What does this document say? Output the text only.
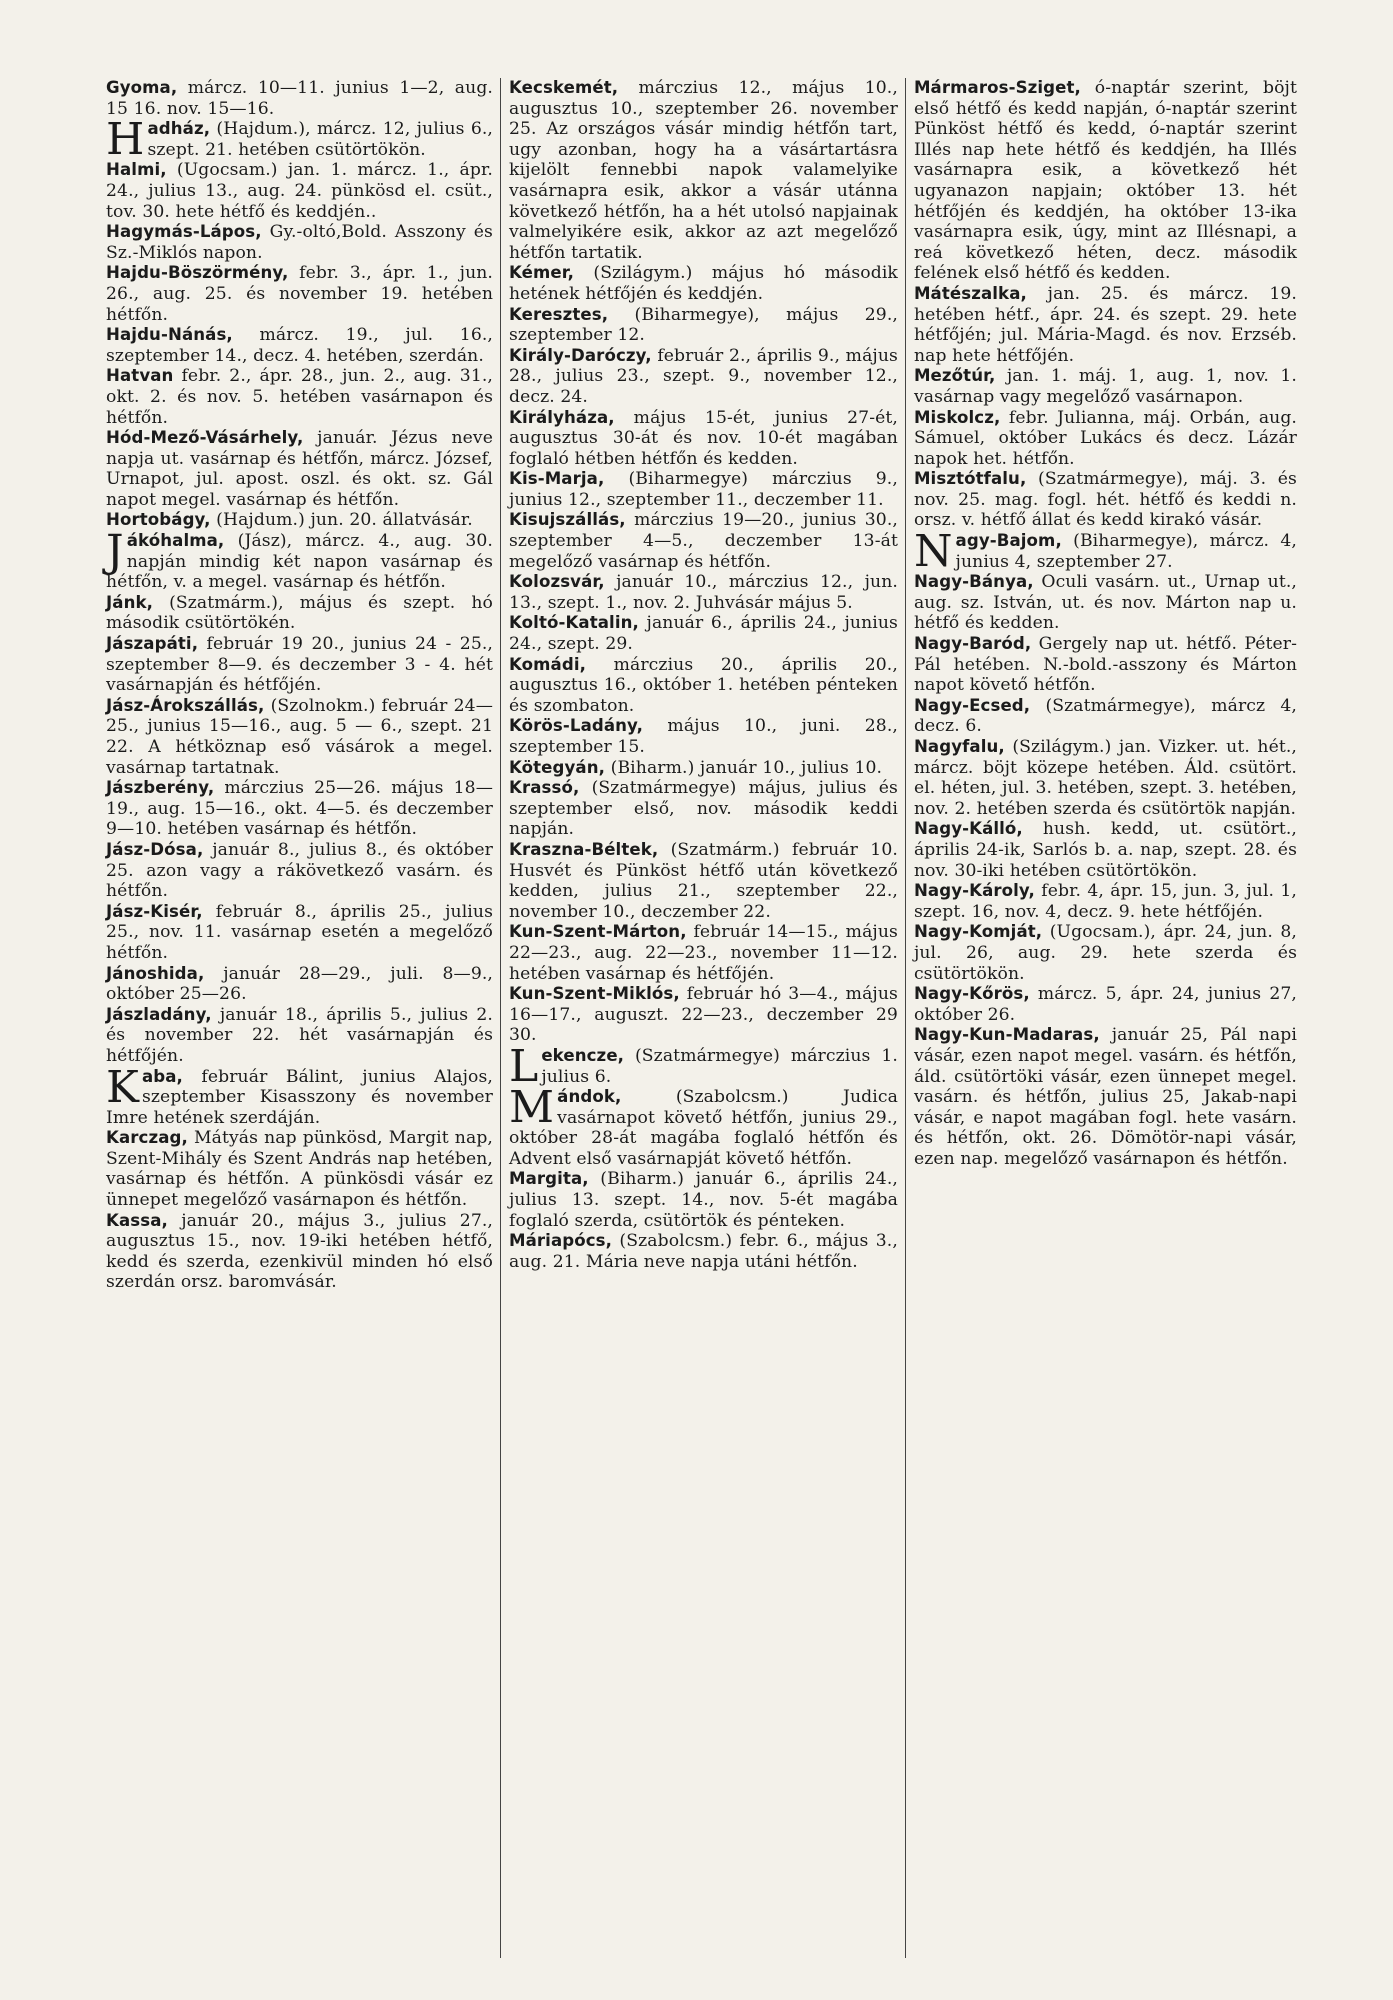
Gyoma, márcz. 10—11. junius 1—2, aug. 15 16. nov. 15—16.

Hadház, (Hajdum.), márcz. 12, julius 6., szept. 21. hetében csütörtökön.

Halmi, (Ugocsam.) jan. 1. márcz. 1., ápr. 24., julius 13., aug. 24. pünkösd el. csüt., tov. 30. hete hétfő és keddjén..

Hagymás-Lápos, Gy.-oltó,Bold. Asszony és Sz.-Miklós napon.

Hajdu-Böszörmény, febr. 3., ápr. 1., jun. 26., aug. 25. és november 19. hetében hétfőn.

Hajdu-Nánás, márcz. 19., jul. 16., szeptember 14., decz. 4. hetében, szerdán.

Hatvan febr. 2., ápr. 28., jun. 2., aug. 31., okt. 2. és nov. 5. hetében vasárnapon és hétfőn.

Hód-Mező-Vásárhely, január. Jézus neve napja ut. vasárnap és hétfőn, márcz. József, Urnapot, jul. apost. oszl. és okt. sz. Gál napot megel. vasárnap és hétfőn.

Hortobágy, (Hajdum.) jun. 20. állatvásár.

Jákóhalma, (Jász), márcz. 4., aug. 30. napján mindig két napon vasárnap és hétfőn, v. a megel. vasárnap és hétfőn.

Jánk, (Szatmárm.), május és szept. hó második csütörtökén.

Jászapáti, február 19 20., junius 24 - 25., szeptember 8—9. és deczember 3 - 4. hét vasárnapján és hétfőjén.

Jász-Árokszállás, (Szolnokm.) február 24—25., junius 15—16., aug. 5 — 6., szept. 21 22. A hétköznap eső vásárok a megel. vasárnap tartatnak.

Jászberény, márczius 25—26. május 18—19., aug. 15—16., okt. 4—5. és deczember 9—10. hetében vasárnap és hétfőn.

Jász-Dósa, január 8., julius 8., és október 25. azon vagy a rákövetkező vasárn. és hétfőn.

Jász-Kisér, február 8., április 25., julius 25., nov. 11. vasárnap esetén a megelőző hétfőn.

Jánoshida, január 28—29., juli. 8—9., október 25—26.

Jászladány, január 18., április 5., julius 2. és november 22. hét vasárnapján és hétfőjén.

Kaba, február Bálint, junius Alajos, szeptember Kisasszony és november Imre hetének szerdáján.

Karczag, Mátyás nap pünkösd, Margit nap, Szent-Mihály és Szent András nap hetében, vasárnap és hétfőn. A pünkösdi vásár ez ünnepet megelőző vasárnapon és hétfőn.

Kassa, január 20., május 3., julius 27., augusztus 15., nov. 19-iki hetében hétfő, kedd és szerda, ezenkivül minden hó első szerdán orsz. baromvásár.

Kecskemét, márczius 12., május 10., augusztus 10., szeptember 26. november 25. Az országos vásár mindig hétfőn tart, ugy azonban, hogy ha a vásártartásra kijelölt fennebbi napok valamelyike vasárnapra esik, akkor a vásár utánna következő hétfőn, ha a hét utolsó napjainak valmelyikére esik, akkor az azt megelőző hétfőn tartatik.

Kémer, (Szilágym.) május hó második hetének hétfőjén és keddjén.

Keresztes, (Biharmegye), május 29., szeptember 12.

Király-Daróczy, február 2., április 9., május 28., julius 23., szept. 9., november 12., decz. 24.

Királyháza, május 15-ét, junius 27-ét, augusztus 30-át és nov. 10-ét magában foglaló hétben hétfőn és kedden.

Kis-Marja, (Biharmegye) márczius 9., junius 12., szeptember 11., deczember 11.

Kisujszállás, márczius 19—20., junius 30., szeptember 4—5., deczember 13-át megelőző vasárnap és hétfőn.

Kolozsvár, január 10., márczius 12., jun. 13., szept. 1., nov. 2. Juhvásár május 5.

Koltó-Katalin, január 6., április 24., junius 24., szept. 29.

Komádi, márczius 20., április 20., augusztus 16., október 1. hetében pénteken és szombaton.

Körös-Ladány, május 10., juni. 28., szeptember 15.

Kötegyán, (Biharm.) január 10., julius 10.

Krassó, (Szatmármegye) május, julius és szeptember első, nov. második keddi napján.

Kraszna-Béltek, (Szatmárm.) február 10. Husvét és Pünköst hétfő után következő kedden, julius 21., szeptember 22., november 10., deczember 22.

Kun-Szent-Márton, február 14—15., május 22—23., aug. 22—23., november 11—12. hetében vasárnap és hétfőjén.

Kun-Szent-Miklós, február hó 3—4., május 16—17., auguszt. 22—23., deczember 29 30.

Lekencze, (Szatmármegye) márczius 1. julius 6.

Mándok,	(Szabolcsm.) Judica vasárnapot követő hétfőn, junius 29., október 28-át magába foglaló hétfőn és Advent első vasárnapját követő hétfőn.

Margita, (Biharm.) január 6., április 24., julius 13. szept. 14., nov. 5-ét magába foglaló szerda, csütörtök és pénteken.

Máriapócs, (Szabolcsm.) febr. 6., május 3., aug. 21. Mária neve napja utáni hétfőn.

Mármaros-Sziget, ó-naptár szerint, böjt első hétfő és kedd napján, ó-naptár szerint Pünköst hétfő és kedd, ó-naptár szerint Illés nap hete hétfő és keddjén, ha Illés vasárnapra esik, a következő hét ugyanazon napjain; október 13. hét hétfőjén és keddjén, ha október 13-ika vasárnapra esik, úgy, mint az Illésnapi, a reá következő héten, decz. második felének első hétfő és kedden.

Mátészalka, jan. 25. és márcz. 19. hetében hétf., ápr. 24. és szept. 29. hete hétfőjén; jul. Mária-Magd. és nov. Erzséb. nap hete hétfőjén.

Mezőtúr, jan. 1. máj. 1, aug. 1, nov. 1. vasárnap vagy megelőző vasárnapon.

Miskolcz, febr. Julianna, máj. Orbán, aug. Sámuel, október Lukács és decz. Lázár napok het. hétfőn.

Misztótfalu, (Szatmármegye), máj. 3. és nov. 25. mag. fogl. hét. hétfő és keddi n. orsz. v. hétfő állat és kedd kirakó vásár.

Nagy-Bajom, (Biharmegye), márcz. 4, junius 4, szeptember 27.

Nagy-Bánya, Oculi vasárn. ut., Urnap ut., aug. sz. István, ut. és nov. Márton nap u. hétfő és kedden.

Nagy-Baród, Gergely nap ut. hétfő. Péter-Pál hetében. N.-bold.-asszony és Márton napot követő hétfőn.

Nagy-Ecsed, (Szatmármegye), márcz 4, decz. 6.

Nagyfalu, (Szilágym.) jan. Vizker. ut. hét., márcz. böjt közepe hetében. Áld. csütört. el. héten, jul. 3. hetében, szept. 3. hetében, nov. 2. hetében szerda és csütörtök napján.

Nagy-Kálló, hush. kedd, ut. csütört., április 24-ik, Sarlós b. a. nap, szept. 28. és nov. 30-iki hetében csütörtökön.

Nagy-Károly, febr. 4, ápr. 15, jun. 3, jul. 1, szept. 16, nov. 4, decz. 9. hete hétfőjén.

Nagy-Komját, (Ugocsam.), ápr. 24, jun. 8, jul. 26, aug. 29. hete szerda és csütörtökön.

Nagy-Kőrös, márcz. 5, ápr. 24, junius 27, október 26.

Nagy-Kun-Madaras, január 25, Pál napi vásár, ezen napot megel. vasárn. és hétfőn, áld. csütörtöki vásár, ezen ünnepet megel. vasárn. és hétfőn, julius 25, Jakab-napi vásár, e napot magában fogl. hete vasárn. és hétfőn, okt. 26. Dömötör-napi vásár, ezen nap. megelőző vasárnapon és hétfőn.
